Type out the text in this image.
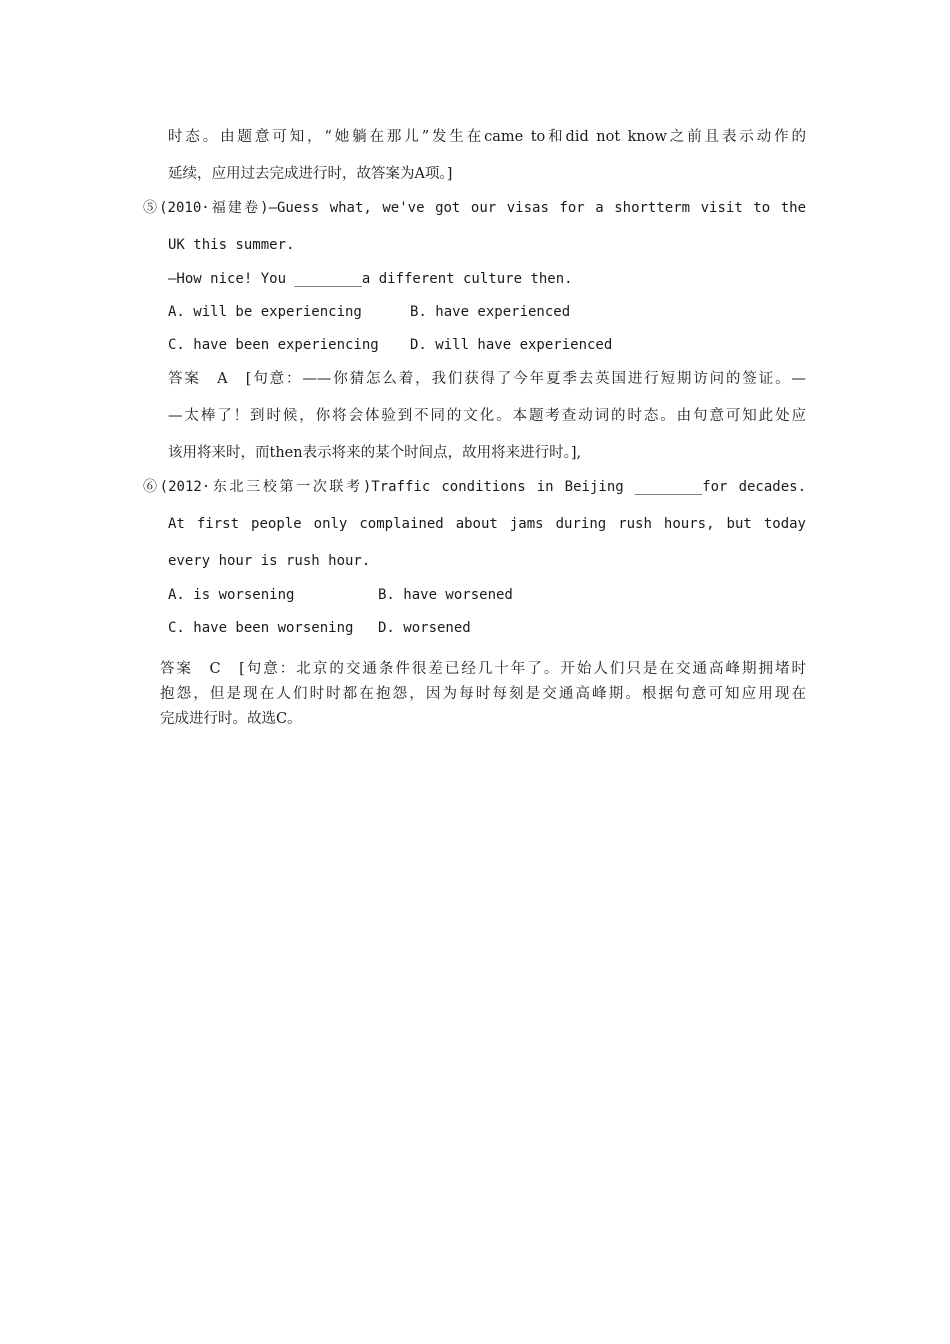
时态。由题意可知，“她躺在那儿”发生在came to和did not know之前且表示动作的
延续，应用过去完成进行时，故答案为A项。]
⑤(2010·福建卷)—Guess what, we've got our visas for a shortterm visit to the
UK this summer.
—How nice! You ________a different culture then.
A. will be experiencing	B. have experienced
C. have been experiencing D. will have experienced
答案　A　[句意：——你猜怎么着，我们获得了今年夏季去英国进行短期访问的签证。—
—太棒了！到时候，你将会体验到不同的文化。本题考查动词的时态。由句意可知此处应
该用将来时，而then表示将来的某个时间点，故用将来进行时。],
⑥(2012·东北三校第一次联考)Traffic conditions in Beijing ________for decades.
At first people only complained about jams during rush hours, but today
every hour is rush hour.
A. is worsening	B. have worsened
C. have been worsening D. worsened
答案　C　[句意：北京的交通条件很差已经几十年了。开始人们只是在交通高峰期拥堵时
抱怨，但是现在人们时时都在抱怨，因为每时每刻是交通高峰期。根据句意可知应用现在
完成进行时。故选C。
